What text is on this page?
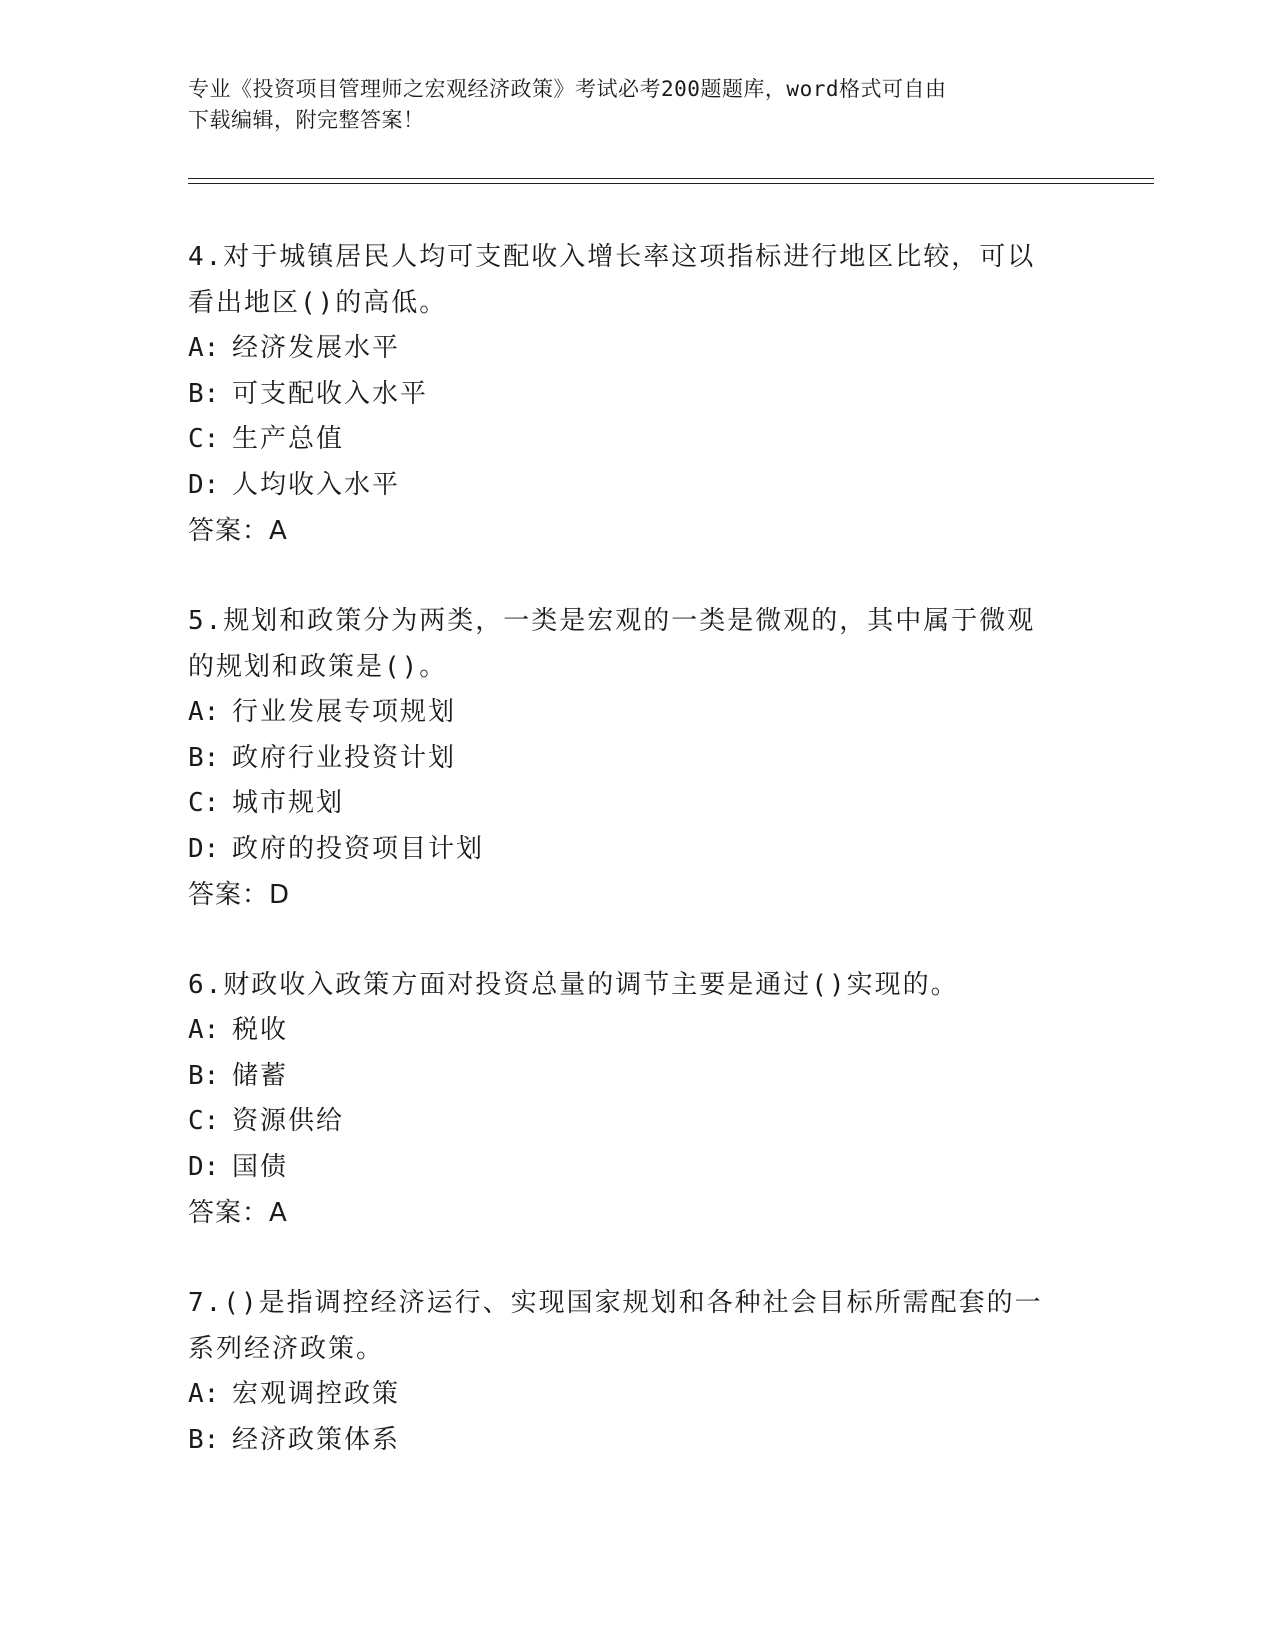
专业《投资项目管理师之宏观经济政策》考试必考200题题库，word格式可自由
下载编辑，附完整答案！

4.对于城镇居民人均可支配收入增长率这项指标进行地区比较，可以

看出地区()的高低。

A: 经济发展水平

B: 可支配收入水平

C: 生产总值

D: 人均收入水平

答案：A

5.规划和政策分为两类，一类是宏观的一类是微观的，其中属于微观

的规划和政策是()。

A: 行业发展专项规划

B: 政府行业投资计划

C: 城市规划

D: 政府的投资项目计划

答案：D

6.财政收入政策方面对投资总量的调节主要是通过()实现的。

A: 税收

B: 储蓄

C: 资源供给

D: 国债

答案：A

7.()是指调控经济运行、实现国家规划和各种社会目标所需配套的一

系列经济政策。

A: 宏观调控政策

B: 经济政策体系
